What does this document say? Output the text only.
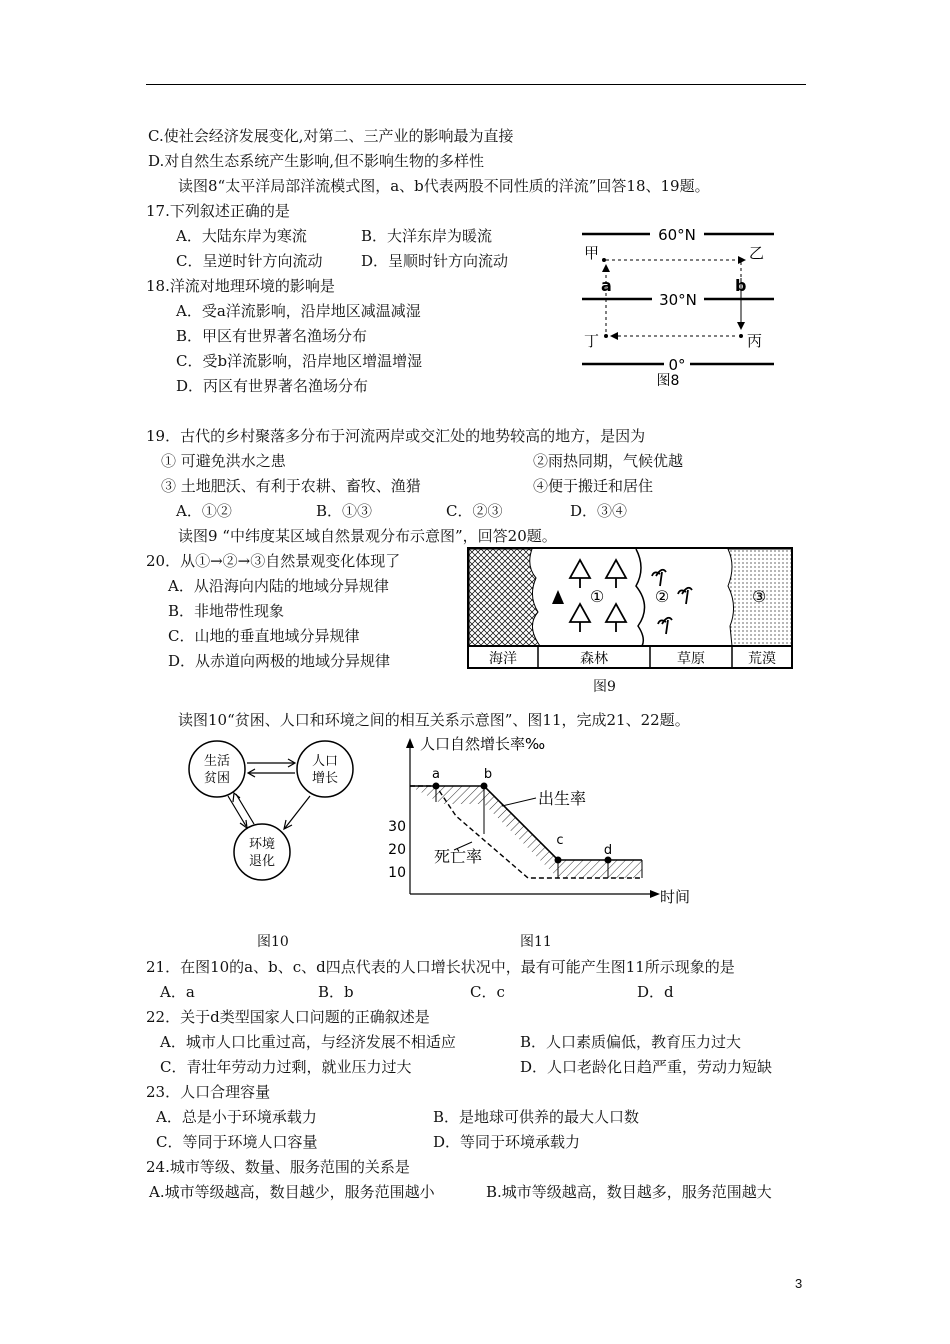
C.使社会经济发展变化,对第二、三产业的影响最为直接
D.对自然生态系统产生影响,但不影响生物的多样性
读图8“太平洋局部洋流模式图，a、b代表两股不同性质的洋流”回答18、19题。
17.下列叙述正确的是
A．大陆东岸为寒流	B．大洋东岸为暖流
C．呈逆时针方向流动	D．呈顺时针方向流动
18.洋流对地理环境的影响是
A．受a洋流影响，沿岸地区减温减湿
B．甲区有世界著名渔场分布
C．受b洋流影响，沿岸地区增温增湿
D．丙区有世界著名渔场分布
19．古代的乡村聚落多分布于河流两岸或交汇处的地势较高的地方，是因为
① 可避免洪水之患	②雨热同期，气候优越
③ 土地肥沃、有利于农耕、畜牧、渔猎	④便于搬迁和居住
A．①②	B．①③	C．②③	D．③④
读图9 “中纬度某区域自然景观分布示意图”，回答20题。
20．从①→②→③自然景观变化体现了
A．从沿海向内陆的地域分异规律
B．非地带性现象
C．山地的垂直地域分异规律
D．从赤道向两极的地域分异规律
读图10“贫困、人口和环境之间的相互关系示意图”、图11，完成21、22题。
21．在图10的a、b、c、d四点代表的人口增长状况中，最有可能产生图11所示现象的是
A．a	B．b	C．c	D．d
22．关于d类型国家人口问题的正确叙述是
A．城市人口比重过高，与经济发展不相适应	B．人口素质偏低，教育压力过大
C．青壮年劳动力过剩，就业压力过大	D．人口老龄化日趋严重，劳动力短缺
23．人口合理容量
A．总是小于环境承载力	B．是地球可供养的最大人口数
C．等同于环境人口容量	D．等同于环境承载力
24.城市等级、数量、服务范围的关系是
A.城市等级越高，数目越少，服务范围越小	B.城市等级越高，数目越多，服务范围越大
60°N
30°N
0°
甲	乙
丙
丁
a	b
图8
①	②	③
海洋	森林	草原	荒漠
图9
生活
贫困
人口
增长
环境
退化
图10
人口自然增长率‰
时间
30
20
10
a	b
c
d
出生率
死亡率
图11
3
